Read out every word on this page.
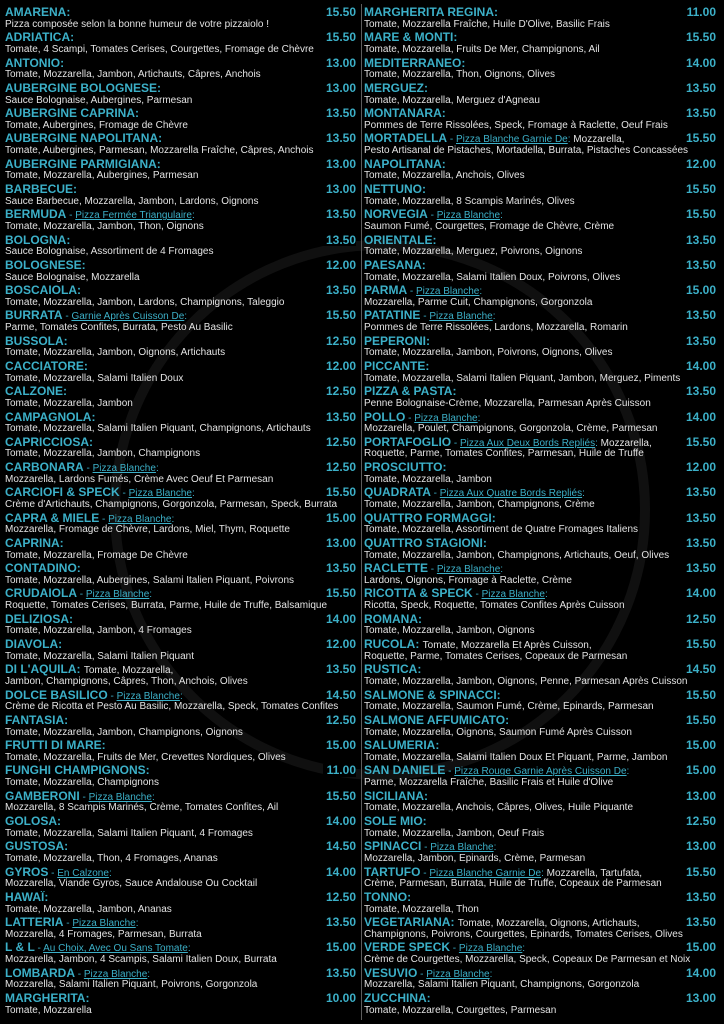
AMARENA:	15.50
Pizza composée selon la bonne humeur de votre pizzaiolo !
ADRIATICA:	15.50
Tomate, 4 Scampi, Tomates Cerises, Courgettes, Fromage de Chèvre
ANTONIO:	13.00
Tomate, Mozzarella, Jambon, Artichauts, Câpres, Anchois
AUBERGINE BOLOGNESE:	13.00
Sauce Bolognaise, Aubergines, Parmesan
AUBERGINE CAPRINA:	13.50
Tomate, Aubergines, Fromage de Chèvre
AUBERGINE NAPOLITANA:	13.50
Tomate, Aubergines, Parmesan, Mozzarella Fraîche, Câpres, Anchois
AUBERGINE PARMIGIANA:	13.00
Tomate, Mozzarella, Aubergines, Parmesan
BARBECUE:	13.00
Sauce Barbecue, Mozzarella, Jambon, Lardons, Oignons
BERMUDA - Pizza Fermée Triangulaire:	13.50
Tomate, Mozzarella, Jambon, Thon, Oignons
BOLOGNA:	13.50
Sauce Bolognaise, Assortiment de 4 Fromages
BOLOGNESE:	12.00
Sauce Bolognaise, Mozzarella
BOSCAIOLA:	13.50
Tomate, Mozzarella, Jambon, Lardons, Champignons, Taleggio
BURRATA - Garnie Après Cuisson De:	15.50
Parme, Tomates Confites, Burrata, Pesto Au Basilic
BUSSOLA:	12.50
Tomate, Mozzarella, Jambon, Oignons, Artichauts
CACCIATORE:	12.00
Tomate, Mozzarella, Salami Italien Doux
CALZONE:	12.50
Tomate, Mozzarella, Jambon
CAMPAGNOLA:	13.50
Tomate, Mozzarella, Salami Italien Piquant, Champignons, Artichauts
CAPRICCIOSA:	12.50
Tomate, Mozzarella, Jambon, Champignons
CARBONARA - Pizza Blanche:	12.50
Mozzarella, Lardons Fumés, Crème Avec Oeuf Et Parmesan
CARCIOFI & SPECK - Pizza Blanche:	15.50
Crème d'Artichauts, Champignons, Gorgonzola, Parmesan, Speck, Burrata
CAPRA & MIELE - Pizza Blanche:	15.00
Mozzarella, Fromage de Chèvre, Lardons, Miel, Thym, Roquette
CAPRINA:	13.00
Tomate, Mozzarella, Fromage De Chèvre
CONTADINO:	13.50
Tomate, Mozzarella, Aubergines, Salami Italien Piquant, Poivrons
CRUDAIOLA - Pizza Blanche:	15.50
Roquette, Tomates Cerises, Burrata, Parme, Huile de Truffe, Balsamique
DELIZIOSA:	14.00
Tomate, Mozzarella, Jambon, 4 Fromages
DIAVOLA:	12.00
Tomate, Mozzarella, Salami Italien Piquant
DI L'AQUILA: Tomate, Mozzarella,	13.50
Jambon, Champignons, Câpres, Thon, Anchois, Olives
DOLCE BASILICO - Pizza Blanche:	14.50
Crème de Ricotta et Pesto Au Basilic, Mozzarella, Speck, Tomates Confites
FANTASIA:	12.50
Tomate, Mozzarella, Jambon, Champignons, Oignons
FRUTTI DI MARE:	15.00
Tomate, Mozzarella, Fruits de Mer, Crevettes Nordiques, Olives
FUNGHI CHAMPIGNONS:	11.00
Tomate, Mozzarella, Champignons
GAMBERONI - Pizza Blanche:	15.50
Mozzarella, 8 Scampis Marinés, Crème, Tomates Confites, Ail
GOLOSA:	14.00
Tomate, Mozzarella, Salami Italien Piquant, 4 Fromages
GUSTOSA:	14.50
Tomate, Mozzarella, Thon, 4 Fromages, Ananas
GYROS - En Calzone:	14.00
Mozzarella, Viande Gyros, Sauce Andalouse Ou Cocktail
HAWAÏ:	12.50
Tomate, Mozzarella, Jambon, Ananas
LATTERIA - Pizza Blanche:	13.50
Mozzarella, 4 Fromages, Parmesan, Burrata
L & L - Au Choix, Avec Ou Sans Tomate:	15.00
Mozzarella, Jambon, 4 Scampis, Salami Italien Doux, Burrata
LOMBARDA - Pizza Blanche:	13.50
Mozzarella, Salami Italien Piquant, Poivrons, Gorgonzola
MARGHERITA:	10.00
Tomate, Mozzarella
MARGHERITA REGINA:	11.00
Tomate, Mozzarella Fraîche, Huile D'Olive, Basilic Frais
MARE & MONTI:	15.50
Tomate, Mozzarella, Fruits De Mer, Champignons, Ail
MEDITERRANEO:	14.00
Tomate, Mozzarella, Thon, Oignons, Olives
MERGUEZ:	13.50
Tomate, Mozzarella, Merguez d'Agneau
MONTANARA:	13.50
Pommes de Terre Rissolées, Speck, Fromage à Raclette, Oeuf Frais
MORTADELLA - Pizza Blanche Garnie De: Mozzarella,	15.50
Pesto Artisanal de Pistaches, Mortadella, Burrata, Pistaches Concassées
NAPOLITANA:	12.00
Tomate, Mozzarella, Anchois, Olives
NETTUNO:	15.50
Tomate, Mozzarella, 8 Scampis Marinés, Olives
NORVEGIA - Pizza Blanche:	15.50
Saumon Fumé, Courgettes, Fromage de Chèvre, Crème
ORIENTALE:	13.50
Tomate, Mozzarella, Merguez, Poivrons, Oignons
PAESANA:	13.50
Tomate, Mozzarella, Salami Italien Doux, Poivrons, Olives
PARMA - Pizza Blanche:	15.00
Mozzarella, Parme Cuit, Champignons, Gorgonzola
PATATINE - Pizza Blanche:	13.50
Pommes de Terre Rissolées, Lardons, Mozzarella, Romarin
PEPERONI:	13.50
Tomate, Mozzarella, Jambon, Poivrons, Oignons, Olives
PICCANTE:	14.00
Tomate, Mozzarella, Salami Italien Piquant, Jambon, Merguez, Piments
PIZZA & PASTA:	13.50
Penne Bolognaise-Crème, Mozzarella, Parmesan Après Cuisson
POLLO - Pizza Blanche:	14.00
Mozzarella, Poulet, Champignons, Gorgonzola, Crème, Parmesan
PORTAFOGLIO - Pizza Aux Deux Bords Repliés: Mozzarella,	15.50
Roquette, Parme, Tomates Confites, Parmesan, Huile de Truffe
PROSCIUTTO:	12.00
Tomate, Mozzarella, Jambon
QUADRATA - Pizza Aux Quatre Bords Repliés:	13.50
Tomate, Mozzarella, Jambon, Champignons, Crème
QUATTRO FORMAGGI:	13.50
Tomate, Mozzarella, Assortiment de Quatre Fromages Italiens
QUATTRO STAGIONI:	13.50
Tomate, Mozzarella, Jambon, Champignons, Artichauts, Oeuf, Olives
RACLETTE - Pizza Blanche:	13.50
Lardons, Oignons, Fromage à Raclette, Crème
RICOTTA & SPECK - Pizza Blanche:	14.00
Ricotta, Speck, Roquette, Tomates Confites Après Cuisson
ROMANA:	12.50
Tomate, Mozzarella, Jambon, Oignons
RUCOLA: Tomate, Mozzarella Et Après Cuisson,	15.50
Roquette, Parme, Tomates Cerises, Copeaux de Parmesan
RUSTICA:	14.50
Tomate, Mozzarella, Jambon, Oignons, Penne, Parmesan Après Cuisson
SALMONE & SPINACCI:	15.50
Tomate, Mozzarella, Saumon Fumé, Crème, Épinards, Parmesan
SALMONE AFFUMICATO:	15.50
Tomate, Mozzarella, Oignons, Saumon Fumé Après Cuisson
SALUMERIA:	15.00
Tomate, Mozzarella, Salami Italien Doux Et Piquant, Parme, Jambon
SAN DANIELE - Pizza Rouge Garnie Après Cuisson De:	15.00
Parme, Mozzarella Fraîche, Basilic Frais et Huile d'Olive
SICILIANA:	13.00
Tomate, Mozzarella, Anchois, Câpres, Olives, Huile Piquante
SOLE MIO:	12.50
Tomate, Mozzarella, Jambon, Oeuf Frais
SPINACCI - Pizza Blanche:	13.00
Mozzarella, Jambon, Epinards, Crème, Parmesan
TARTUFO - Pizza Blanche Garnie De: Mozzarella, Tartufata,	15.50
Crème, Parmesan, Burrata, Huile de Truffe, Copeaux de Parmesan
TONNO:	13.50
Tomate, Mozzarella, Thon
VEGETARIANA: Tomate, Mozzarella, Oignons, Artichauts,	13.50
Champignons, Poivrons, Courgettes, Epinards, Tomates Cerises, Olives
VERDE SPECK - Pizza Blanche:	15.00
Crème de Courgettes, Mozzarella, Speck, Copeaux De Parmesan et Noix
VESUVIO - Pizza Blanche:	14.00
Mozzarella, Salami Italien Piquant, Champignons, Gorgonzola
ZUCCHINA:	13.00
Tomate, Mozzarella, Courgettes, Parmesan
